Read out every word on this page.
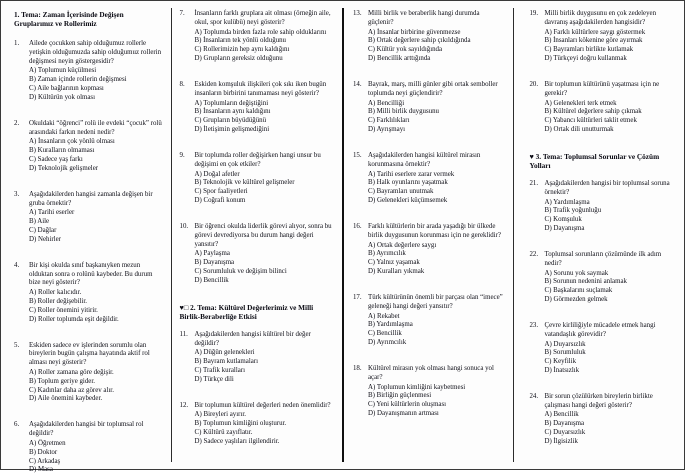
1. Tema: Zaman İçerisinde Değişen Gruplarımız ve Rollerimiz
1.	Ailede çocukken sahip olduğumuz rollerle yetişkin olduğumuzda sahip olduğumuz rollerin değişmesi neyin göstergesidir?
A) Toplumun küçülmesi
B) Zaman içinde rollerin değişmesi
C) Aile bağlarının kopması
D) Kültürün yok olması
2.	Okuldaki “öğrenci” rolü ile evdeki “çocuk” rolü arasındaki farkın nedeni nedir?
A) İnsanların çok yönlü olması
B) Kuralların olmaması
C) Sadece yaş farkı
D) Teknolojik gelişmeler
3.	Aşağıdakilerden hangisi zamanla değişen bir gruba örnektir?
A) Tarihi eserler
B) Aile
C) Dağlar
D) Nehirler
4.	Bir kişi okulda sınıf başkanıyken mezun olduktan sonra o rolünü kaybeder. Bu durum bize neyi gösterir?
A) Roller kalıcıdır.
B) Roller değişebilir.
C) Roller önemini yitirir.
D) Roller toplumda eşit değildir.
5.	Eskiden sadece ev işlerinden sorumlu olan bireylerin bugün çalışma hayatında aktif rol alması neyi gösterir?
A) Roller zamana göre değişir.
B) Toplum geriye gider.
C) Kadınlar daha az görev alır.
D) Aile önemini kaybeder.
6.	Aşağıdakilerden hangisi bir toplumsal rol değildir?
A) Öğretmen
B) Doktor
C) Arkadaş
D) Masa
7.	İnsanların farklı gruplara ait olması (örneğin aile, okul, spor kulübü) neyi gösterir?
A) Toplumda birden fazla role sahip olduklarını
B) İnsanların tek yönlü olduğunu
C) Rollerimizin hep aynı kaldığını
D) Grupların gereksiz olduğunu
8.	Eskiden komşuluk ilişkileri çok sıkı iken bugün insanların birbirini tanımaması neyi gösterir?
A) Toplumların değiştiğini
B) İnsanların aynı kaldığını
C) Grupların büyüdüğünü
D) İletişimin gelişmediğini
9.	Bir toplumda roller değişirken hangi unsur bu değişimi en çok etkiler?
A) Doğal afetler
B) Teknolojik ve kültürel gelişmeler
C) Spor faaliyetleri
D) Coğrafi konum
10. Bir öğrenci okulda liderlik görevi alıyor, sonra bu görevi devrediyorsa bu durum hangi değeri yansıtır?
A) Paylaşma
B) Dayanışma
C) Sorumluluk ve değişim bilinci
D) Bencillik
♥□ 2. Tema: Kültürel Değerlerimiz ve Milli Birlik-Beraberliğe Etkisi
11. Aşağıdakilerden hangisi kültürel bir değer değildir?
A) Düğün gelenekleri
B) Bayram kutlamaları
C) Trafik kuralları
D) Türkçe dili
12. Bir toplumun kültürel değerleri neden önemlidir?
A) Bireyleri ayırır.
B) Toplumun kimliğini oluşturur.
C) Kültürü zayıflatır.
D) Sadece yaşlıları ilgilendirir.
13. Milli birlik ve beraberlik hangi durumda güçlenir?
A) İnsanlar birbirine güvenmezse
B) Ortak değerlere sahip çıkıldığında
C) Kültür yok sayıldığında
D) Bencillik arttığında
14. Bayrak, marş, milli günler gibi ortak semboller toplumda neyi güçlendirir?
A) Bencilliği
B) Milli birlik duygusunu
C) Farklılıkları
D) Ayrışmayı
15. Aşağıdakilerden hangisi kültürel mirasın korunmasına örnektir?
A) Tarihi eserlere zarar vermek
B) Halk oyunlarını yaşatmak
C) Bayramları unutmak
D) Gelenekleri küçümsemek
16. Farklı kültürlerin bir arada yaşadığı bir ülkede birlik duygusunun korunması için ne gereklidir?
A) Ortak değerlere saygı
B) Ayrımcılık
C) Yalnız yaşamak
D) Kuralları yıkmak
17. Türk kültürünün önemli bir parçası olan “imece” geleneği hangi değeri yansıtır?
A) Rekabet
B) Yardımlaşma
C) Bencillik
D) Ayrımcılık
18. Kültürel mirasın yok olması hangi sonuca yol açar?
A) Toplumun kimliğini kaybetmesi
B) Birliğin güçlenmesi
C) Yeni kültürlerin oluşması
D) Dayanışmanın artması
19. Milli birlik duygusunu en çok zedeleyen davranış aşağıdakilerden hangisidir?
A) Farklı kültürlere saygı göstermek
B) İnsanları kökenine göre ayırmak
C) Bayramları birlikte kutlamak
D) Türkçeyi doğru kullanmak
20. Bir toplumun kültürünü yaşatması için ne gerekir?
A) Gelenekleri terk etmek
B) Kültürel değerlere sahip çıkmak
C) Yabancı kültürleri taklit etmek
D) Ortak dili unutturmak
♥ 3. Tema: Toplumsal Sorunlar ve Çözüm Yolları
21. Aşağıdakilerden hangisi bir toplumsal soruna örnektir?
A) Yardımlaşma
B) Trafik yoğunluğu
C) Komşuluk
D) Dayanışma
22. Toplumsal sorunların çözümünde ilk adım nedir?
A) Sorunu yok saymak
B) Sorunun nedenini anlamak
C) Başkalarını suçlamak
D) Görmezden gelmek
23. Çevre kirliliğiyle mücadele etmek hangi vatandaşlık görevidir?
A) Duyarsızlık
B) Sorumluluk
C) Keyfilik
D) İnatsızlık
24. Bir sorun çözülürken bireylerin birlikte çalışması hangi değeri gösterir?
A) Bencillik
B) Dayanışma
C) Duyarsızlık
D) İlgisizlik
